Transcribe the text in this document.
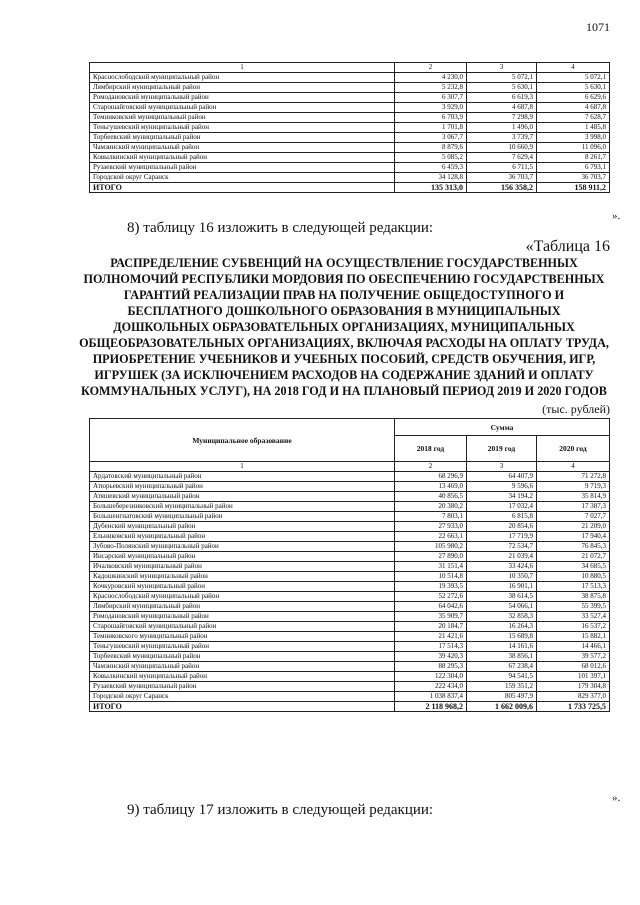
1071
1	2	3	4
Краснослободский муниципальный район	4 230,0	5 072,1	5 072,1
Лямбирский муниципальный район	5 232,8	5 630,1	5 630,1
Ромодановский муниципальный район	6 307,7	6 619,3	6 629,6
Старошайговский муниципальный район	3 929,0	4 687,8	4 687,8
Темниковский муниципальный район	6 703,9	7 298,9	7 628,7
Теньгушевский муниципальный район	1 701,8	1 496,0	1 485,8
Торбеевский муниципальный район	3 067,7	3 739,7	3 998,0
Чамзинский муниципальный район	8 879,6	10 660,9	11 096,0
Ковылкинский муниципальный район	5 085,2	7 629,4	8 261,7
Рузаевский муниципальный район	6 459,3	6 711,5	6 793,1
Городской округ Саранск	34 128,8	36 703,7	36 703,7
ИТОГО	135 313,0	156 358,2	158 911,2
».
8) таблицу 16 изложить в следующей редакции:
«Таблица 16
РАСПРЕДЕЛЕНИЕ СУБВЕНЦИЙ НА ОСУЩЕСТВЛЕНИЕ ГОСУДАРСТВЕННЫХ ПОЛНОМОЧИЙ РЕСПУБЛИКИ МОРДОВИЯ ПО ОБЕСПЕЧЕНИЮ ГОСУДАРСТВЕННЫХ ГАРАНТИЙ РЕАЛИЗАЦИИ ПРАВ НА ПОЛУЧЕНИЕ ОБЩЕДОСТУПНОГО И БЕСПЛАТНОГО ДОШКОЛЬНОГО ОБРАЗОВАНИЯ В МУНИЦИПАЛЬНЫХ ДОШКОЛЬНЫХ ОБРАЗОВАТЕЛЬНЫХ ОРГАНИЗАЦИЯХ, МУНИЦИПАЛЬНЫХ ОБЩЕОБРАЗОВАТЕЛЬНЫХ ОРГАНИЗАЦИЯХ, ВКЛЮЧАЯ РАСХОДЫ НА ОПЛАТУ ТРУДА, ПРИОБРЕТЕНИЕ УЧЕБНИКОВ И УЧЕБНЫХ ПОСОБИЙ, СРЕДСТВ ОБУЧЕНИЯ, ИГР, ИГРУШЕК (ЗА ИСКЛЮЧЕНИЕМ РАСХОДОВ НА СОДЕРЖАНИЕ ЗДАНИЙ И ОПЛАТУ КОММУНАЛЬНЫХ УСЛУГ), НА 2018 ГОД И НА ПЛАНОВЫЙ ПЕРИОД 2019 И 2020 ГОДОВ
(тыс. рублей)
Муниципальное образование	Сумма		
	2018 год	2019 год	2020 год
1	2	3	4
Ардатовский муниципальный район	68 296,9	64 407,9	71 272,8
Атюрьевский муниципальный район	13 469,0	9 596,6	9 719,3
Атяшевский муниципальный район	40 856,5	34 194,2	35 814,9
Большеберезниковский муниципальный район	20 380,2	17 032,4	17 387,3
Большеигнатовский муниципальный район	7 803,1	6 815,8	7 027,7
Дубенский муниципальный район	27 933,0	20 854,6	21 209,0
Ельниковский муниципальный район	22 663,1	17 719,9	17 940,4
Зубово-Полянский муниципальный район	105 980,2	72 534,7	76 845,3
Инсарский муниципальный район	27 890,0	21 039,4	21 072,7
Ичалковский муниципальный район	31 151,4	33 424,6	34 685,5
Кадошкинский муниципальный район	10 514,8	10 350,7	10 880,5
Кочкуровский муниципальный район	19 393,5	16 901,1	17 513,3
Краснослободский муниципальный район	52 272,6	38 614,5	38 875,8
Лямбирский муниципальный район	64 042,6	54 066,1	55 399,5
Ромодановский муниципальный район	35 909,7	32 858,3	33 527,4
Старошайговский муниципальный район	20 184,7	16 264,3	16 537,2
Темниковского муниципальный район	21 421,6	15 689,8	15 882,1
Теньгушевский муниципальный район	17 514,3	14 161,6	14 466,1
Торбеевский муниципальный район	39 420,3	38 856,1	39 577,2
Чамзинский муниципальный район	88 295,3	67 238,4	68 012,6
Ковылкинский муниципальный район	122 304,0	94 541,5	101 397,1
Рузаевский муниципальный район	222 434,0	159 351,2	179 304,8
Городской округ Саранск	1 038 837,4	805 497,9	829 377,0
ИТОГО	2 118 968,2	1 662 009,6	1 733 725,5
».
9) таблицу 17 изложить в следующей редакции:
